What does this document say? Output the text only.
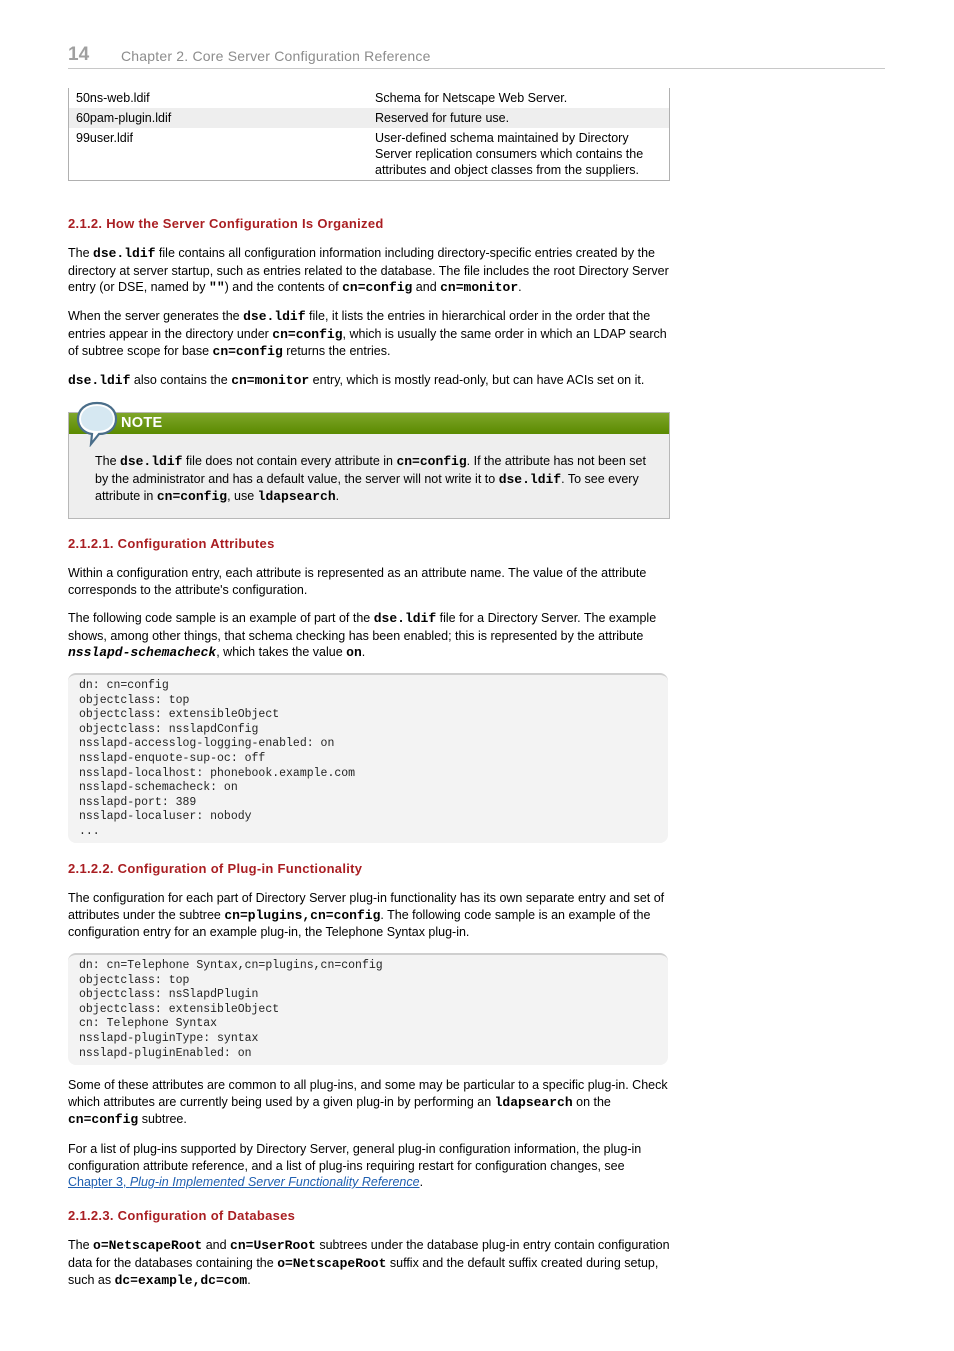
14 Chapter 2. Core Server Configuration Reference
50ns-web.ldif	Schema for Netscape Web Server.
60pam-plugin.ldif	Reserved for future use.
99user.ldif	User-defined schema maintained by Directory Server replication consumers which contains the attributes and object classes from the suppliers.
2.1.2. How the Server Configuration Is Organized
The dse.ldif file contains all configuration information including directory-specific entries created by the directory at server startup, such as entries related to the database. The file includes the root Directory Server entry (or DSE, named by "") and the contents of cn=config and cn=monitor.
When the server generates the dse.ldif file, it lists the entries in hierarchical order in the order that the entries appear in the directory under cn=config, which is usually the same order in which an LDAP search of subtree scope for base cn=config returns the entries.
dse.ldif also contains the cn=monitor entry, which is mostly read-only, but can have ACIs set on it.
NOTE
The dse.ldif file does not contain every attribute in cn=config. If the attribute has not been set by the administrator and has a default value, the server will not write it to dse.ldif. To see every attribute in cn=config, use ldapsearch.
2.1.2.1. Configuration Attributes
Within a configuration entry, each attribute is represented as an attribute name. The value of the attribute corresponds to the attribute's configuration.
The following code sample is an example of part of the dse.ldif file for a Directory Server. The example shows, among other things, that schema checking has been enabled; this is represented by the attribute nsslapd-schemacheck, which takes the value on.
dn: cn=config
objectclass: top
objectclass: extensibleObject
objectclass: nsslapdConfig
nsslapd-accesslog-logging-enabled: on
nsslapd-enquote-sup-oc: off
nsslapd-localhost: phonebook.example.com
nsslapd-schemacheck: on
nsslapd-port: 389
nsslapd-localuser: nobody
...
2.1.2.2. Configuration of Plug-in Functionality
The configuration for each part of Directory Server plug-in functionality has its own separate entry and set of attributes under the subtree cn=plugins,cn=config. The following code sample is an example of the configuration entry for an example plug-in, the Telephone Syntax plug-in.
dn: cn=Telephone Syntax,cn=plugins,cn=config
objectclass: top
objectclass: nsSlapdPlugin
objectclass: extensibleObject
cn: Telephone Syntax
nsslapd-pluginType: syntax
nsslapd-pluginEnabled: on
Some of these attributes are common to all plug-ins, and some may be particular to a specific plug-in. Check which attributes are currently being used by a given plug-in by performing an ldapsearch on the cn=config subtree.
For a list of plug-ins supported by Directory Server, general plug-in configuration information, the plug-in configuration attribute reference, and a list of plug-ins requiring restart for configuration changes, see Chapter 3, Plug-in Implemented Server Functionality Reference.
2.1.2.3. Configuration of Databases
The o=NetscapeRoot and cn=UserRoot subtrees under the database plug-in entry contain configuration data for the databases containing the o=NetscapeRoot suffix and the default suffix created during setup, such as dc=example,dc=com.
